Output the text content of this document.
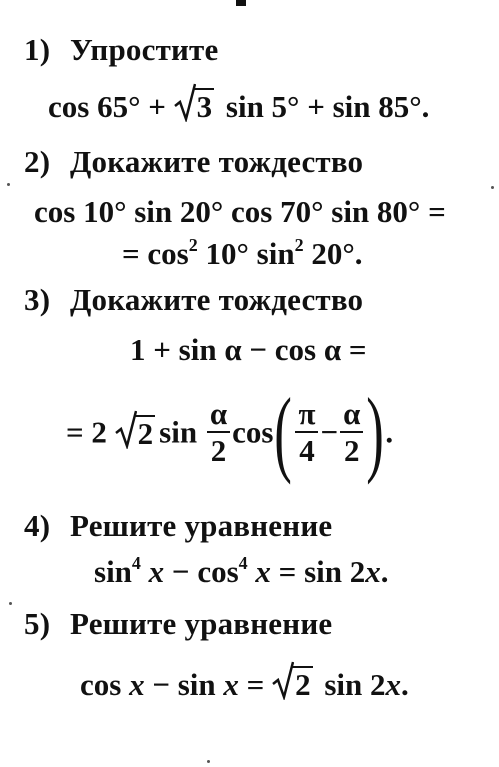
1) Упростите
cos 65° + 3 sin 5° + sin 85°.
2) Докажите тождество
cos 10° sin 20° cos 70° sin 80° =
= $\cos^2 10^\circ$ $\sin^2 20^\circ$.
3) Докажите тождество
1 + sin α − cos α =
= 2 2 $\sin \frac{\alpha}{2} \cos( \frac{\pi}{4} - \frac{\alpha}{2}$ ).
4) Решите уравнение
$\sin^4 x - \cos^4 x = \sin 2x$.
5) Решите уравнение
cos x − sin x = 2 sin 2x.
